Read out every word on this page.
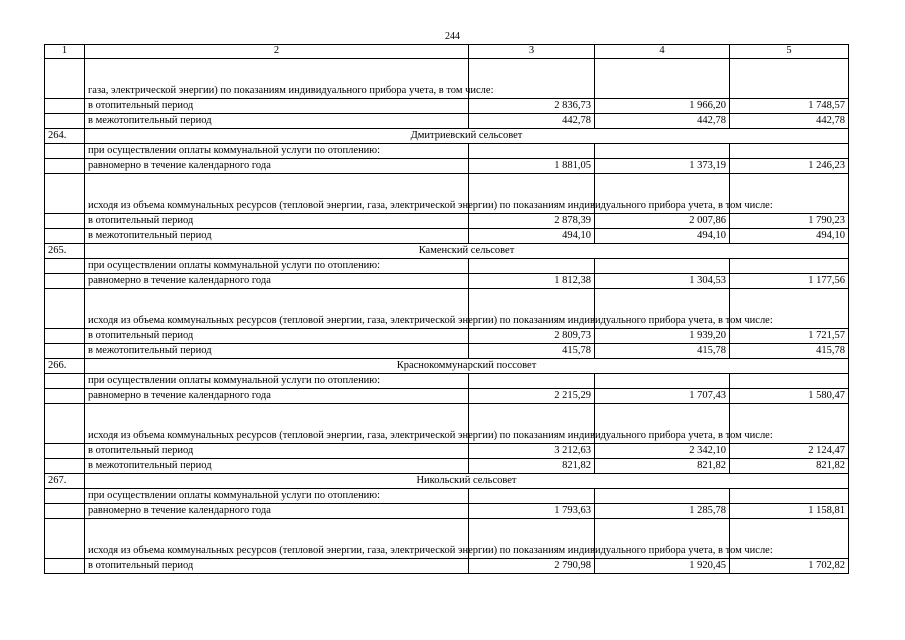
244
1	2	3	4	5
	газа, электрической энергии) по показаниям индивидуального прибора учета, в том числе:			
	в отопительный период	2 836,73	1 966,20	1 748,57
	в межотопительный период	442,78	442,78	442,78
264.	Дмитриевский сельсовет			
	при осуществлении оплаты коммунальной услуги по отоплению:			
	равномерно в течение календарного года	1 881,05	1 373,19	1 246,23
	исходя из объема коммунальных ресурсов (тепловой энергии, газа, электрической энергии) по показаниям индивидуального прибора учета, в том числе:			
	в отопительный период	2 878,39	2 007,86	1 790,23
	в межотопительный период	494,10	494,10	494,10
265.	Каменский сельсовет			
	при осуществлении оплаты коммунальной услуги по отоплению:			
	равномерно в течение календарного года	1 812,38	1 304,53	1 177,56
	исходя из объема коммунальных ресурсов (тепловой энергии, газа, электрической энергии) по показаниям индивидуального прибора учета, в том числе:			
	в отопительный период	2 809,73	1 939,20	1 721,57
	в межотопительный период	415,78	415,78	415,78
266.	Краснокоммунарский поссовет			
	при осуществлении оплаты коммунальной услуги по отоплению:			
	равномерно в течение календарного года	2 215,29	1 707,43	1 580,47
	исходя из объема коммунальных ресурсов (тепловой энергии, газа, электрической энергии) по показаниям индивидуального прибора учета, в том числе:			
	в отопительный период	3 212,63	2 342,10	2 124,47
	в межотопительный период	821,82	821,82	821,82
267.	Никольский сельсовет			
	при осуществлении оплаты коммунальной услуги по отоплению:			
	равномерно в течение календарного года	1 793,63	1 285,78	1 158,81
	исходя из объема коммунальных ресурсов (тепловой энергии, газа, электрической энергии) по показаниям индивидуального прибора учета, в том числе:			
	в отопительный период	2 790,98	1 920,45	1 702,82
